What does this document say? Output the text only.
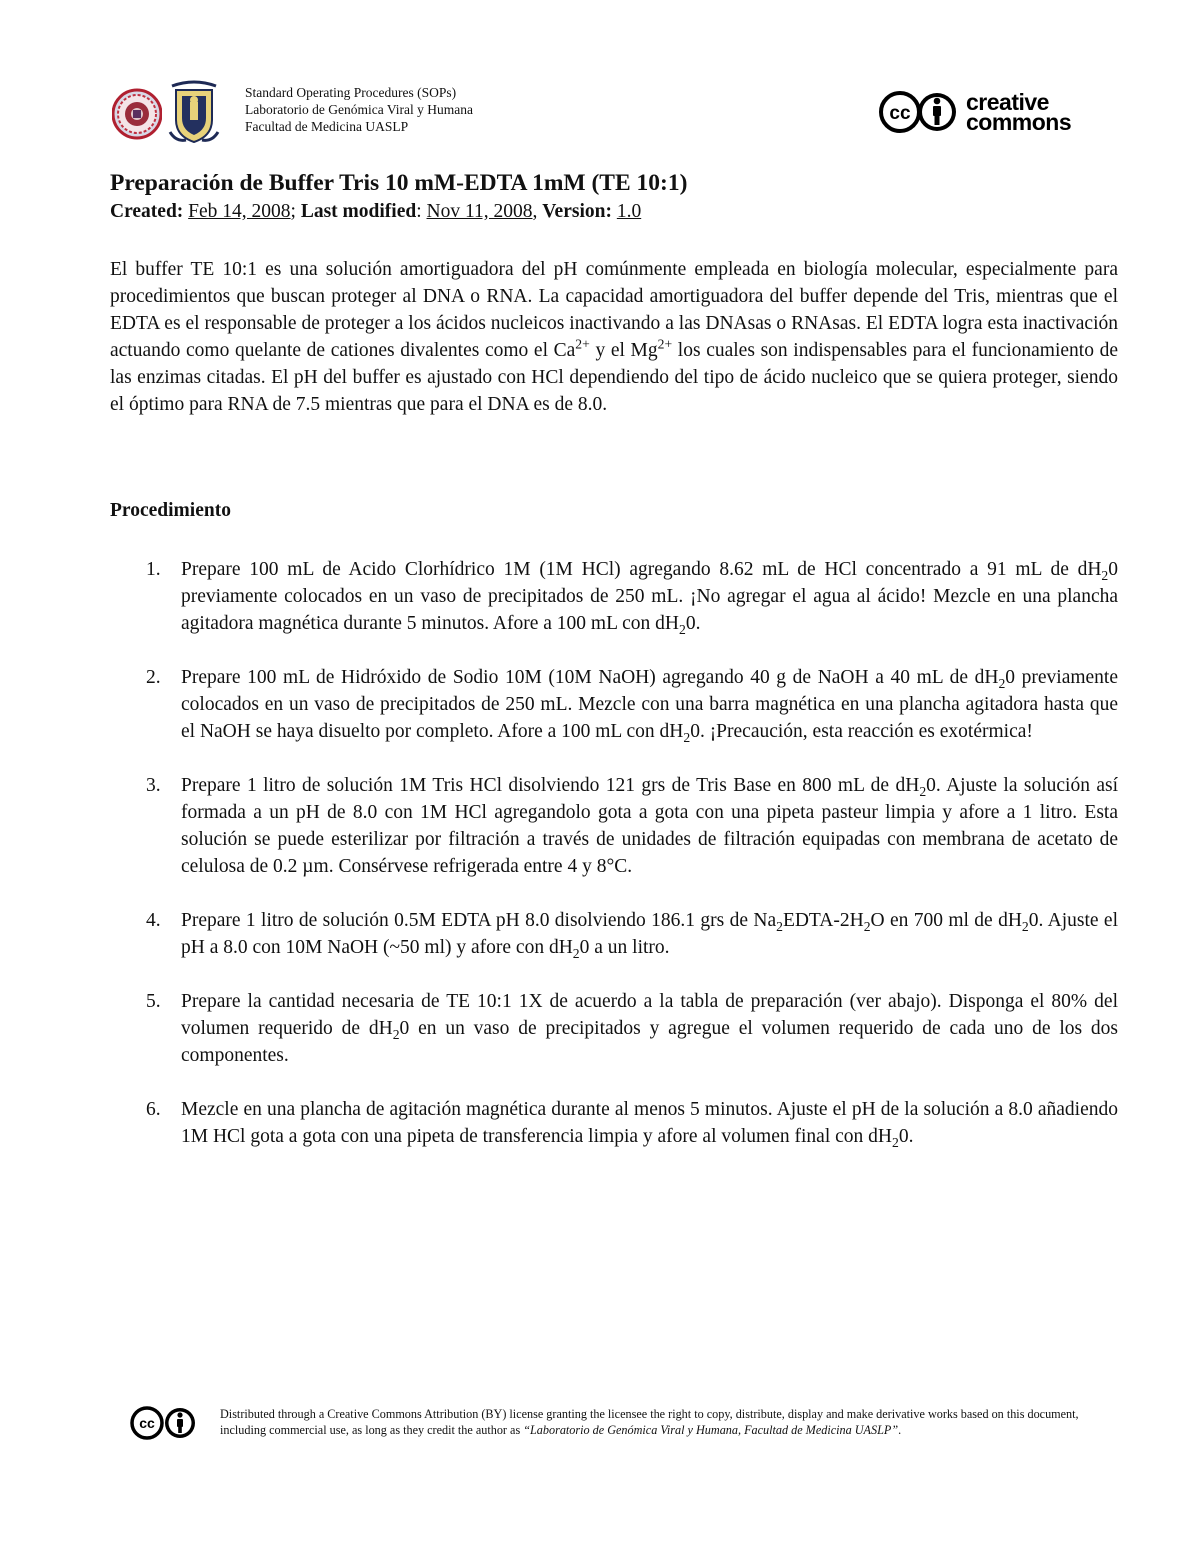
Standard Operating Procedures (SOPs)
Laboratorio de Genómica Viral y Humana
Facultad de Medicina UASLP
cc creative
commons
Preparación de Buffer Tris 10 mM-EDTA 1mM (TE 10:1)
Created: Feb 14, 2008; Last modified: Nov 11, 2008, Version: 1.0

El buffer TE 10:1 es una solución amortiguadora del pH comúnmente empleada en biología molecular, especialmente para procedimientos que buscan proteger al DNA o RNA. La capacidad amortiguadora del buffer depende del Tris, mientras que el EDTA es el responsable de proteger a los ácidos nucleicos inactivando a las DNAsas o RNAsas. El EDTA logra esta inactivación actuando como quelante de cationes divalentes como el $Ca^{2+}$ y el $Mg^{2+}$ los cuales son indispensables para el funcionamiento de las enzimas citadas. El pH del buffer es ajustado con HCl dependiendo del tipo de ácido nucleico que se quiera proteger, siendo el óptimo para RNA de 7.5 mientras que para el DNA es de 8.0.

Procedimiento
1. Prepare 100 mL de Acido Clorhídrico 1M (1M HCl) agregando 8.62 mL de HCl concentrado a 91 mL de $dH_20$ previamente colocados en un vaso de precipitados de 250 mL. ¡No agregar el agua al ácido! Mezcle en una plancha agitadora magnética durante 5 minutos. Afore a 100 mL con $dH_20$.
2. Prepare 100 mL de Hidróxido de Sodio 10M (10M NaOH) agregando 40 g de NaOH a 40 mL de $dH_20$ previamente colocados en un vaso de precipitados de 250 mL. Mezcle con una barra magnética en una plancha agitadora hasta que el NaOH se haya disuelto por completo. Afore a 100 mL con $dH_20$. ¡Precaución, esta reacción es exotérmica!
3. Prepare 1 litro de solución 1M Tris HCl disolviendo 121 grs de Tris Base en 800 mL de $dH_20$. Ajuste la solución así formada a un pH de 8.0 con 1M HCl agregandolo gota a gota con una pipeta pasteur limpia y afore a 1 litro. Esta solución se puede esterilizar por filtración a través de unidades de filtración equipadas con membrana de acetato de celulosa de 0.2 µm. Consérvese refrigerada entre 4 y 8°C.
4. Prepare 1 litro de solución 0.5M EDTA pH 8.0 disolviendo 186.1 grs de $Na_2EDTA-2H_2O$ en 700 ml de $dH_20$. Ajuste el pH a 8.0 con 10M NaOH (~50 ml) y afore con $dH_20$ a un litro.
5. Prepare la cantidad necesaria de TE 10:1 1X de acuerdo a la tabla de preparación (ver abajo). Disponga el 80% del volumen requerido de $dH_20$ en un vaso de precipitados y agregue el volumen requerido de cada uno de los dos componentes.
6. Mezcle en una plancha de agitación magnética durante al menos 5 minutos. Ajuste el pH de la solución a 8.0 añadiendo 1M HCl gota a gota con una pipeta de transferencia limpia y afore al volumen final con $dH_20$.
cc
Distributed through a Creative Commons Attribution (BY) license granting the licensee the right to copy, distribute, display and make derivative works based on this document, including commercial use, as long as they credit the author as “Laboratorio de Genómica Viral y Humana, Facultad de Medicina UASLP”.
